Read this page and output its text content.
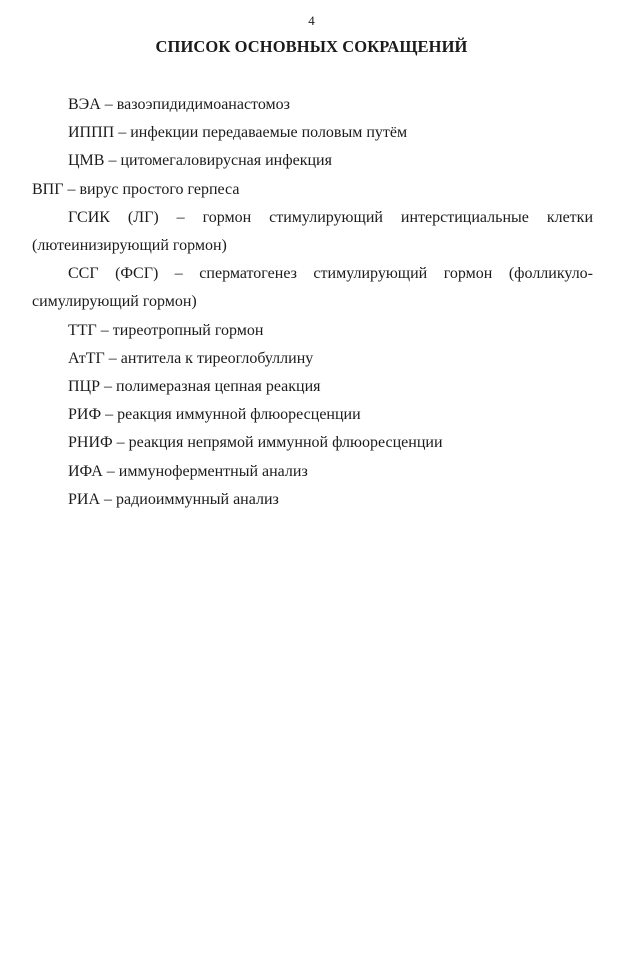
4
СПИСОК ОСНОВНЫХ СОКРАЩЕНИЙ

ВЭА – вазоэпидидимоанастомоз

ИППП – инфекции передаваемые половым путём

ЦМВ – цитомегаловирусная инфекция

ВПГ – вирус простого герпеса

ГСИК (ЛГ) – гормон стимулирующий интерстициальные клетки (лютеинизирующий гормон)

ССГ (ФСГ) – сперматогенез стимулирующий гормон (фолликуло-симулирующий гормон)

ТТГ – тиреотропный гормон

АтТГ – антитела к тиреоглобуллину

ПЦР – полимеразная цепная реакция

РИФ – реакция иммунной флюоресценции

РНИФ – реакция непрямой иммунной флюоресценции

ИФА – иммуноферментный анализ

РИА – радиоиммунный анализ
